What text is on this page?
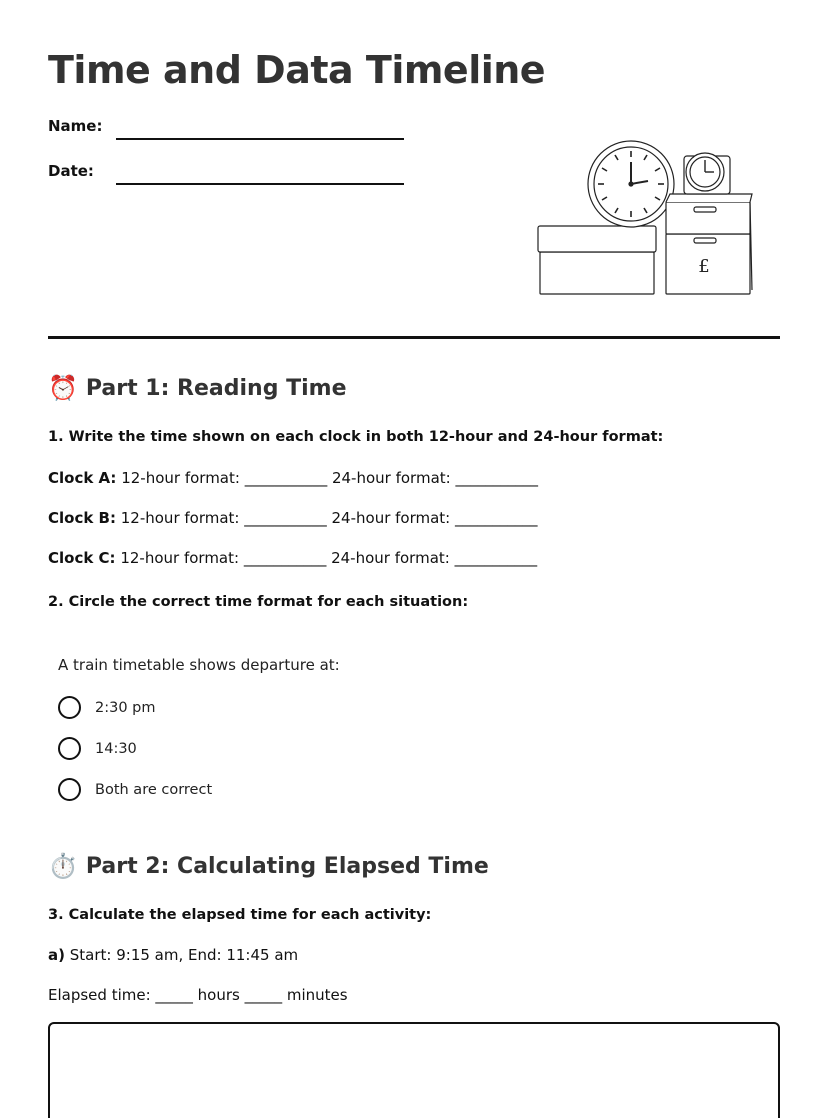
Time and Data Timeline
Name:
Date:
£
⏰ Part 1: Reading Time
1. Write the time shown on each clock in both 12-hour and 24-hour format:
Clock A: 12-hour format: ___________ 24-hour format: ___________
Clock B: 12-hour format: ___________ 24-hour format: ___________
Clock C: 12-hour format: ___________ 24-hour format: ___________
2. Circle the correct time format for each situation:
A train timetable shows departure at:
2:30 pm
14:30
Both are correct
⏱️ Part 2: Calculating Elapsed Time
3. Calculate the elapsed time for each activity:
a) Start: 9:15 am, End: 11:45 am
Elapsed time: _____ hours _____ minutes
